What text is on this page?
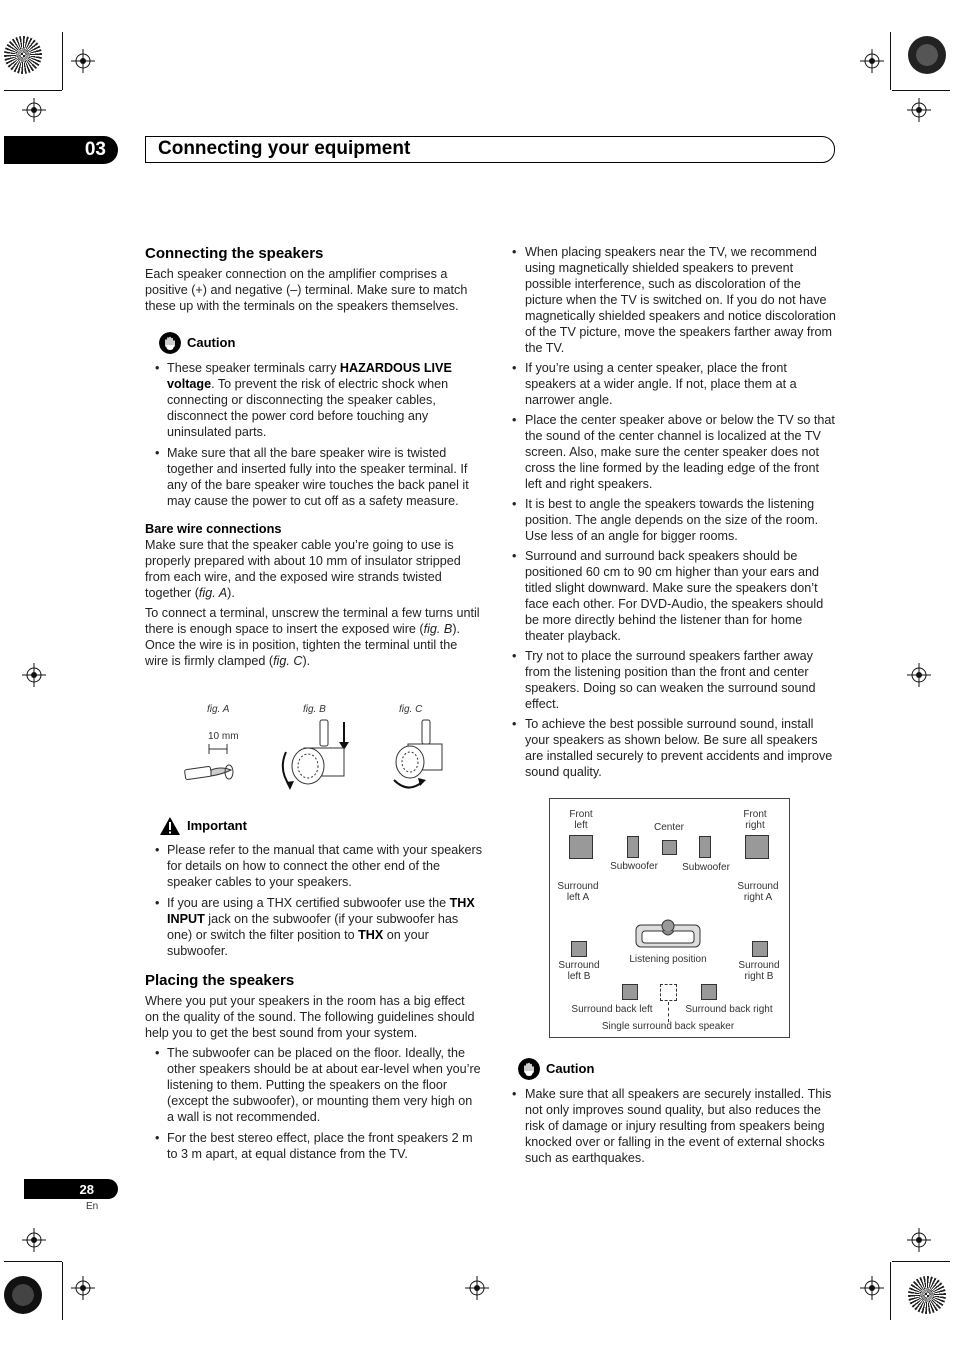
03	Connecting your equipment
Connecting the speakers

Each speaker connection on the amplifier comprises a positive (+) and negative (–) terminal. Make sure to match these up with the terminals on the speakers themselves.

Caution
• These speaker terminals carry HAZARDOUS LIVE voltage. To prevent the risk of electric shock when connecting or disconnecting the speaker cables, disconnect the power cord before touching any uninsulated parts.
• Make sure that all the bare speaker wire is twisted together and inserted fully into the speaker terminal. If any of the bare speaker wire touches the back panel it may cause the power to cut off as a safety measure.
Bare wire connections

Make sure that the speaker cable you’re going to use is properly prepared with about 10 mm of insulator stripped from each wire, and the exposed wire strands twisted together (fig. A).

To connect a terminal, unscrew the terminal a few turns until there is enough space to insert the exposed wire (fig. B). Once the wire is in position, tighten the terminal until the wire is firmly clamped (fig. C).

fig. A	fig. B	fig. C
10 mm
Important
• Please refer to the manual that came with your speakers for details on how to connect the other end of the speaker cables to your speakers.
• If you are using a THX certified subwoofer use the THX INPUT jack on the subwoofer (if your subwoofer has one) or switch the filter position to THX on your subwoofer.
Placing the speakers

Where you put your speakers in the room has a big effect on the quality of the sound. The following guidelines should help you to get the best sound from your system.

• The subwoofer can be placed on the floor. Ideally, the other speakers should be at about ear-level when you’re listening to them. Putting the speakers on the floor (except the subwoofer), or mounting them very high on a wall is not recommended.
• For the best stereo effect, place the front speakers 2 m to 3 m apart, at equal distance from the TV.
• When placing speakers near the TV, we recommend using magnetically shielded speakers to prevent possible interference, such as discoloration of the picture when the TV is switched on. If you do not have magnetically shielded speakers and notice discoloration of the TV picture, move the speakers farther away from the TV.
• If you’re using a center speaker, place the front speakers at a wider angle. If not, place them at a narrower angle.
• Place the center speaker above or below the TV so that the sound of the center channel is localized at the TV screen. Also, make sure the center speaker does not cross the line formed by the leading edge of the front left and right speakers.
• It is best to angle the speakers towards the listening position. The angle depends on the size of the room. Use less of an angle for bigger rooms.
• Surround and surround back speakers should be positioned 60 cm to 90 cm higher than your ears and titled slight downward. Make sure the speakers don’t face each other. For DVD-Audio, the speakers should be more directly behind the listener than for home theater playback.
• Try not to place the surround speakers farther away from the listening position than the front and center speakers. Doing so can weaken the surround sound effect.
• To achieve the best possible surround sound, install your speakers as shown below. Be sure all speakers are installed securely to prevent accidents and improve sound quality.
Front left	Center
Front right
Subwoofer	Subwoofer
Surround left A
Surround right A
Listening position
Surround left B
Surround right B
Surround back left	Surround back right
Single surround back speaker
Caution
• Make sure that all speakers are securely installed. This not only improves sound quality, but also reduces the risk of damage or injury resulting from speakers being knocked over or falling in the event of external shocks such as earthquakes.
28
En
